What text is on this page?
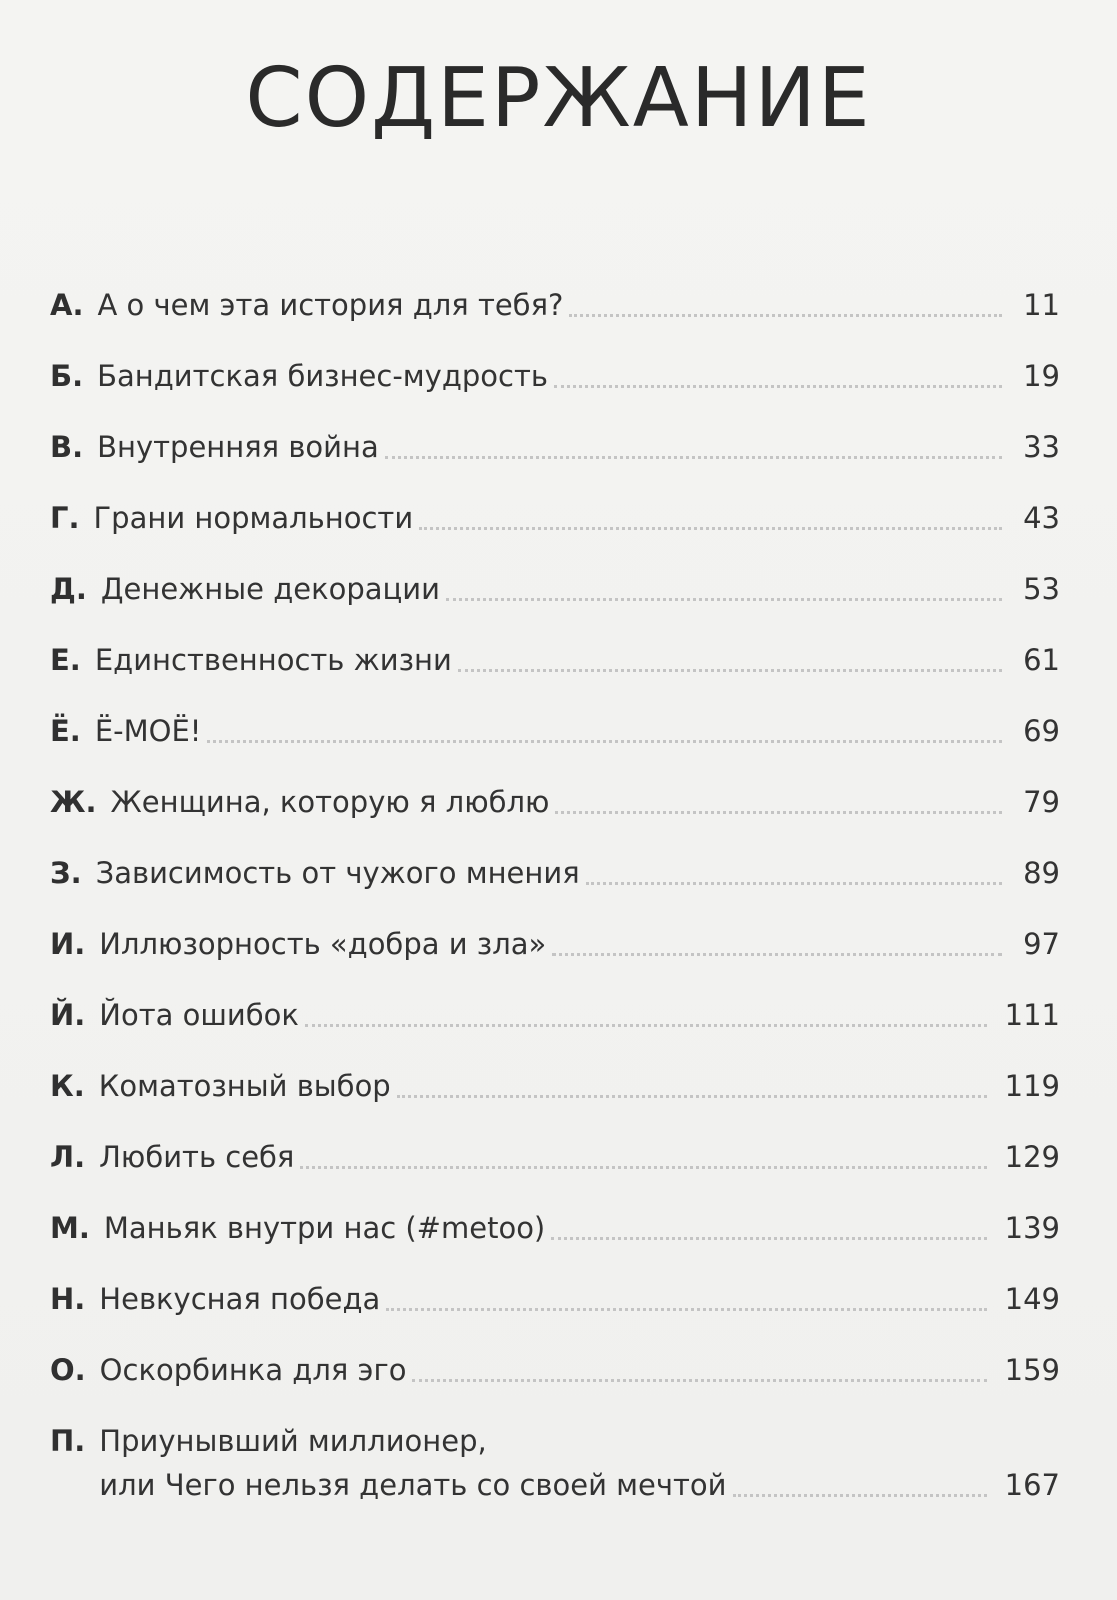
СОДЕРЖАНИЕ
А. А о чем эта история для тебя?	11
Б. Бандитская бизнес-мудрость	19
В. Внутренняя война	33
Г. Грани нормальности	43
Д. Денежные декорации	53
Е. Единственность жизни	61
Ё. Ё-МОЁ!	69
Ж. Женщина, которую я люблю	79
З. Зависимость от чужого мнения	89
И. Иллюзорность «добра и зла»	97
Й. Йота ошибок	111
К. Коматозный выбор	119
Л. Любить себя	129
М. Маньяк внутри нас (#metoo)	139
Н. Невкусная победа	149
О. Оскорбинка для эго	159
П. Приунывший миллионер,
или Чего нельзя делать со своей мечтой	167
